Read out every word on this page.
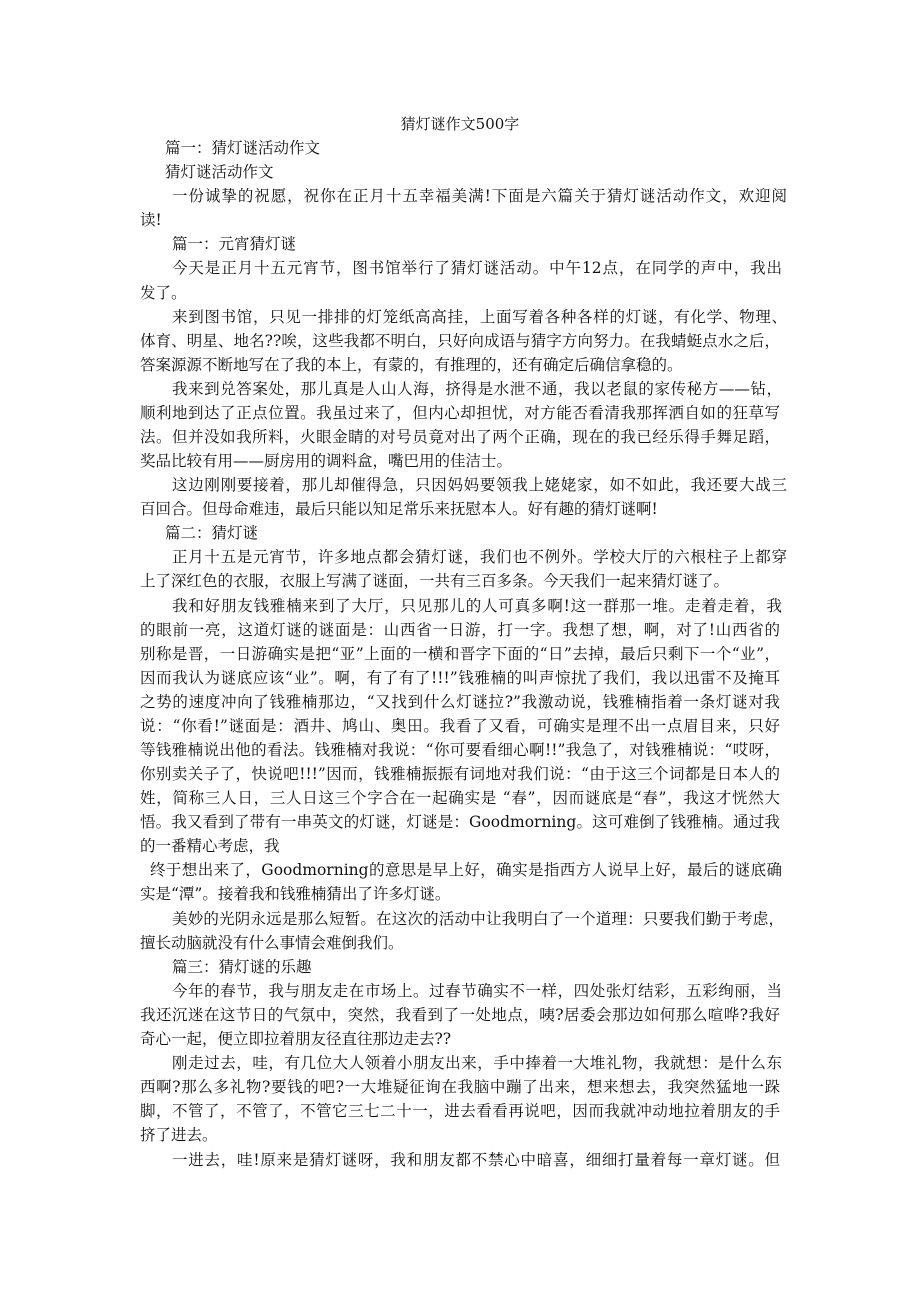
猜灯谜作文500字
篇一：猜灯谜活动作文
猜灯谜活动作文
一份诚挚的祝愿，祝你在正月十五幸福美满!下面是六篇关于猜灯谜活动作文，欢迎阅
读!
篇一：元宵猜灯谜
今天是正月十五元宵节，图书馆举行了猜灯谜活动。中午12点，在同学的声中，我出
发了。
来到图书馆，只见一排排的灯笼纸高高挂，上面写着各种各样的灯谜，有化学、物理、
体育、明星、地名??唉，这些我都不明白，只好向成语与猜字方向努力。在我蜻蜓点水之后，
答案源源不断地写在了我的本上，有蒙的，有推理的，还有确定后确信拿稳的。
我来到兑答案处，那儿真是人山人海，挤得是水泄不通，我以老鼠的家传秘方——钻，
顺利地到达了正点位置。我虽过来了，但内心却担忧，对方能否看清我那挥洒自如的狂草写
法。但并没如我所料，火眼金睛的对号员竟对出了两个正确，现在的我已经乐得手舞足蹈，
奖品比较有用——厨房用的调料盒，嘴巴用的佳洁士。
这边刚刚要接着，那儿却催得急，只因妈妈要领我上姥姥家，如不如此，我还要大战三
百回合。但母命难违，最后只能以知足常乐来抚慰本人。好有趣的猜灯谜啊!
篇二：猜灯谜
正月十五是元宵节，许多地点都会猜灯谜，我们也不例外。学校大厅的六根柱子上都穿
上了深红色的衣服，衣服上写满了谜面，一共有三百多条。今天我们一起来猜灯谜了。
我和好朋友钱雅楠来到了大厅，只见那儿的人可真多啊!这一群那一堆。走着走着，我
的眼前一亮，这道灯谜的谜面是：山西省一日游，打一字。我想了想，啊，对了!山西省的
别称是晋，一日游确实是把“亚”上面的一横和晋字下面的“日”去掉，最后只剩下一个“业”，
因而我认为谜底应该“业”。啊，有了有了!!!”钱雅楠的叫声惊扰了我们，我以迅雷不及掩耳
之势的速度冲向了钱雅楠那边，“又找到什么灯谜拉?”我激动说，钱雅楠指着一条灯谜对我
说：“你看!”谜面是：酒井、鸠山、奥田。我看了又看，可确实是理不出一点眉目来，只好
等钱雅楠说出他的看法。钱雅楠对我说：“你可要看细心啊!!”我急了，对钱雅楠说：“哎呀，
你别卖关子了，快说吧!!!”因而，钱雅楠振振有词地对我们说：“由于这三个词都是日本人的
姓，简称三人日，三人日这三个字合在一起确实是 “春”，因而谜底是“春”，我这才恍然大
悟。我又看到了带有一串英文的灯谜，灯谜是：Goodmorning。这可难倒了钱雅楠。通过我
的一番精心考虑，我
终于想出来了，Goodmorning的意思是早上好，确实是指西方人说早上好，最后的谜底确
实是“潭”。接着我和钱雅楠猜出了许多灯谜。
美妙的光阴永远是那么短暂。在这次的活动中让我明白了一个道理：只要我们勤于考虑，
擅长动脑就没有什么事情会难倒我们。
篇三：猜灯谜的乐趣
今年的春节，我与朋友走在市场上。过春节确实不一样，四处张灯结彩，五彩绚丽，当
我还沉迷在这节日的气氛中，突然，我看到了一处地点，咦?居委会那边如何那么喧哗?我好
奇心一起，便立即拉着朋友径直往那边走去??
刚走过去，哇，有几位大人领着小朋友出来，手中捧着一大堆礼物，我就想：是什么东
西啊?那么多礼物?要钱的吧?一大堆疑征询在我脑中蹦了出来，想来想去，我突然猛地一跺
脚，不管了，不管了，不管它三七二十一，进去看看再说吧，因而我就冲动地拉着朋友的手
挤了进去。
一进去，哇!原来是猜灯谜呀，我和朋友都不禁心中暗喜，细细打量着每一章灯谜。但
